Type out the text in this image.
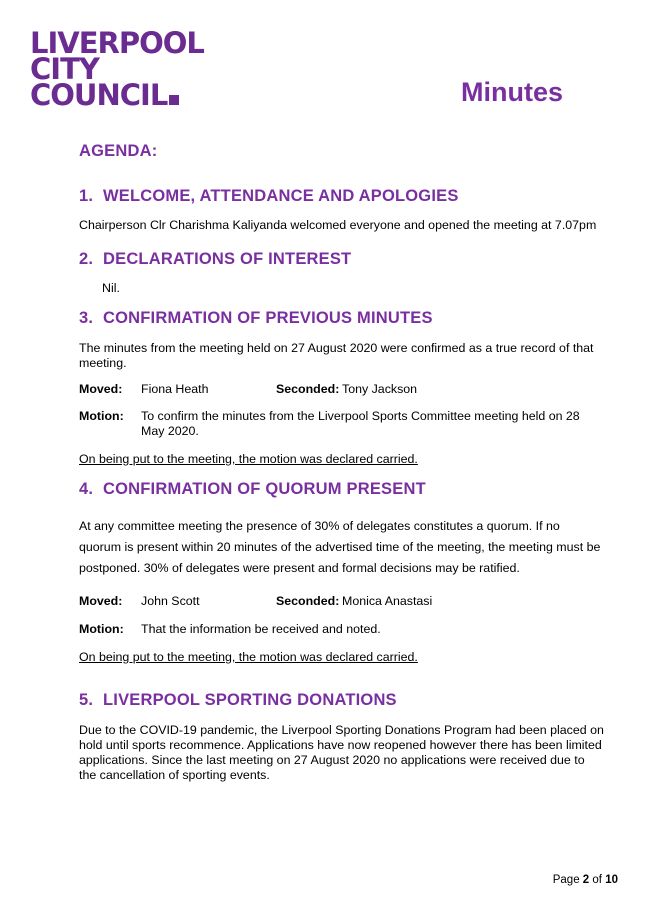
LIVERPOOL
CITY
COUNCIL	Minutes
AGENDA:
1. WELCOME, ATTENDANCE AND APOLOGIES
Chairperson Clr Charishma Kaliyanda welcomed everyone and opened the meeting at 7.07pm
2. DECLARATIONS OF INTEREST
Nil.
3. CONFIRMATION OF PREVIOUS MINUTES
The minutes from the meeting held on 27 August 2020 were confirmed as a true record of that meeting.
Moved: Fiona Heath	Seconded: Tony Jackson
Motion: To confirm the minutes from the Liverpool Sports Committee meeting held on 28 May 2020.
On being put to the meeting, the motion was declared carried.
4. CONFIRMATION OF QUORUM PRESENT
At any committee meeting the presence of 30% of delegates constitutes a quorum. If no quorum is present within 20 minutes of the advertised time of the meeting, the meeting must be postponed. 30% of delegates were present and formal decisions may be ratified.
Moved: John Scott	Seconded: Monica Anastasi
Motion: That the information be received and noted.
On being put to the meeting, the motion was declared carried.
5. LIVERPOOL SPORTING DONATIONS
Due to the COVID-19 pandemic, the Liverpool Sporting Donations Program had been placed on hold until sports recommence. Applications have now reopened however there has been limited applications. Since the last meeting on 27 August 2020 no applications were received due to the cancellation of sporting events.
Page 2 of 10
